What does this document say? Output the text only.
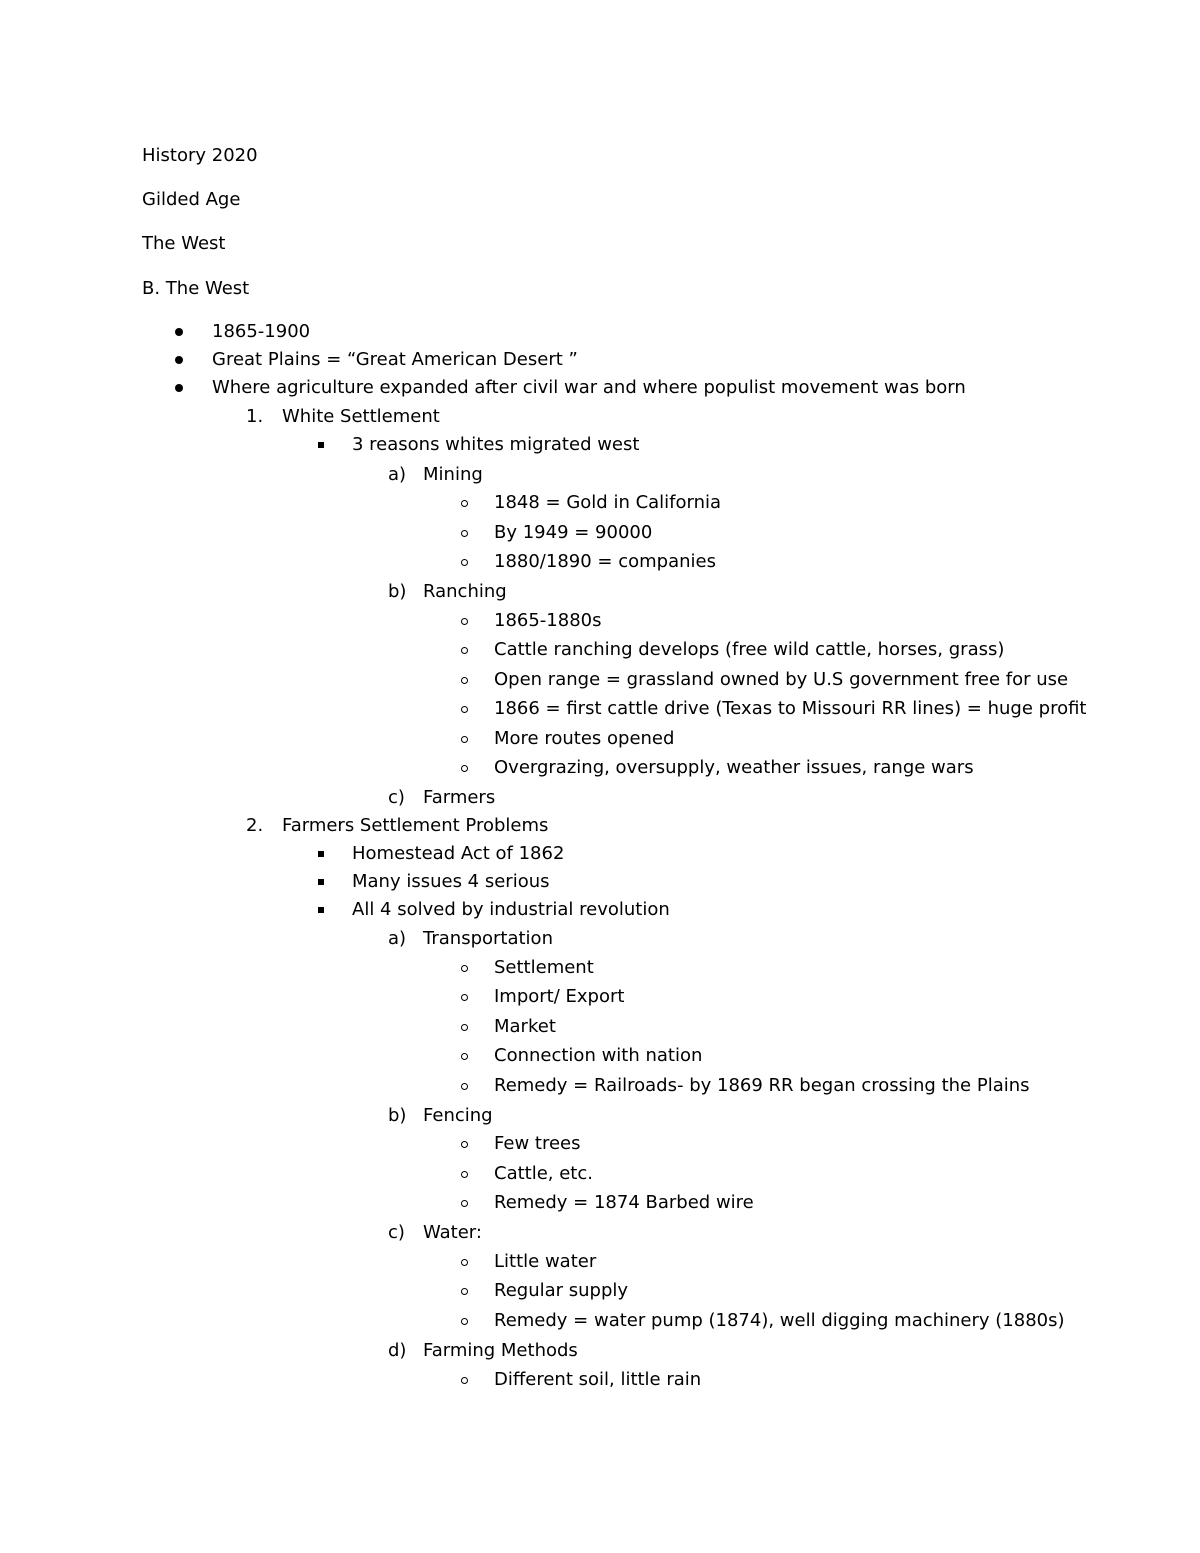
History 2020
Gilded Age
The West
B. The West
1865-1900
Great Plains = “Great American Desert ”
Where agriculture expanded after civil war and where populist movement was born
1. White Settlement
3 reasons whites migrated west
a) Mining
1848 = Gold in California
By 1949 = 90000
1880/1890 = companies
b) Ranching
1865-1880s
Cattle ranching develops (free wild cattle, horses, grass)
Open range = grassland owned by U.S government free for use
1866 = first cattle drive (Texas to Missouri RR lines) = huge profit
More routes opened
Overgrazing, oversupply, weather issues, range wars
c) Farmers
2. Farmers Settlement Problems
Homestead Act of 1862
Many issues 4 serious
All 4 solved by industrial revolution
a) Transportation
Settlement
Import/ Export
Market
Connection with nation
Remedy = Railroads- by 1869 RR began crossing the Plains
b) Fencing
Few trees
Cattle, etc.
Remedy = 1874 Barbed wire
c) Water:
Little water
Regular supply
Remedy = water pump (1874), well digging machinery (1880s)
d) Farming Methods
Different soil, little rain
